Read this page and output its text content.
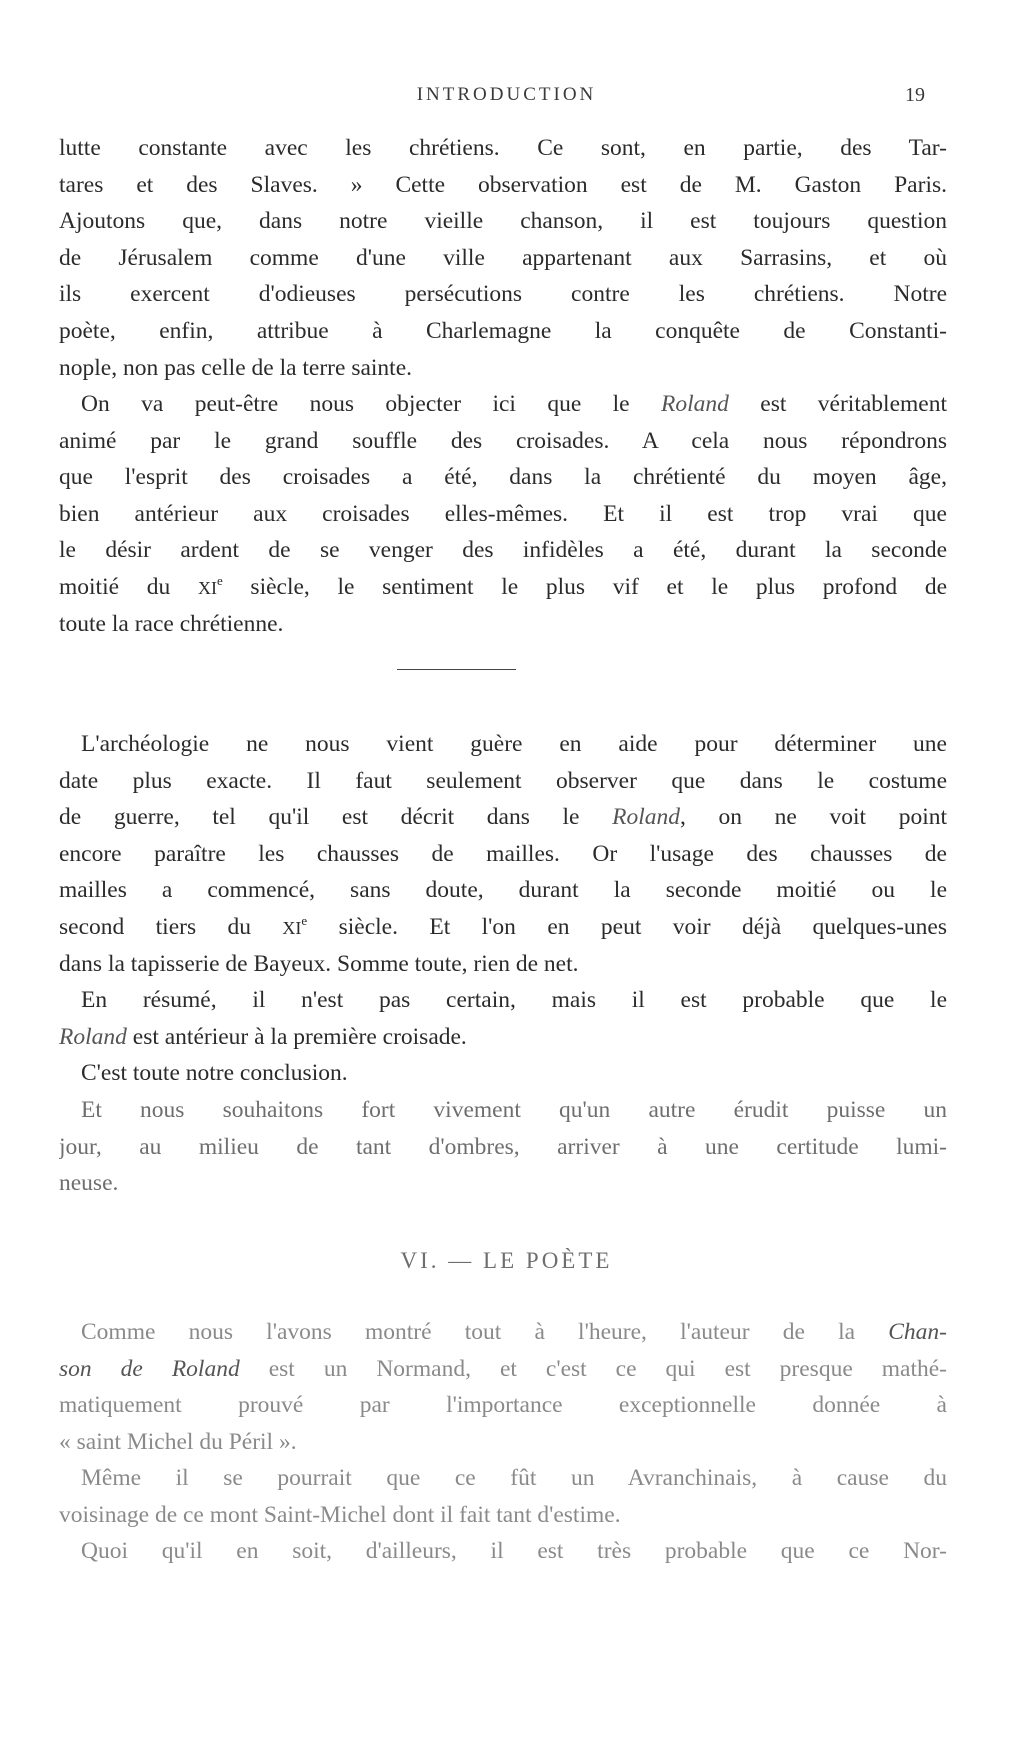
INTRODUCTION	19
lutte constante avec les chrétiens. Ce sont, en partie, des Tar-
tares et des Slaves. » Cette observation est de M. Gaston Paris.
Ajoutons que, dans notre vieille chanson, il est toujours question
de Jérusalem comme d'une ville appartenant aux Sarrasins, et où
ils exercent d'odieuses persécutions contre les chrétiens. Notre
poète, enfin, attribue à Charlemagne la conquête de Constanti-
nople, non pas celle de la terre sainte.
On va peut-être nous objecter ici que le Roland est véritablement
animé par le grand souffle des croisades. A cela nous répondrons
que l'esprit des croisades a été, dans la chrétienté du moyen âge,
bien antérieur aux croisades elles-mêmes. Et il est trop vrai que
le désir ardent de se venger des infidèles a été, durant la seconde
moitié du XIe siècle, le sentiment le plus vif et le plus profond de
toute la race chrétienne.
L'archéologie ne nous vient guère en aide pour déterminer une
date plus exacte. Il faut seulement observer que dans le costume
de guerre, tel qu'il est décrit dans le Roland, on ne voit point
encore paraître les chausses de mailles. Or l'usage des chausses de
mailles a commencé, sans doute, durant la seconde moitié ou le
second tiers du XIe siècle. Et l'on en peut voir déjà quelques-unes
dans la tapisserie de Bayeux. Somme toute, rien de net.
En résumé, il n'est pas certain, mais il est probable que le
Roland est antérieur à la première croisade.
C'est toute notre conclusion.
Et nous souhaitons fort vivement qu'un autre érudit puisse un
jour, au milieu de tant d'ombres, arriver à une certitude lumi-
neuse.
VI. — LE POÈTE
Comme nous l'avons montré tout à l'heure, l'auteur de la Chan-
son de Roland est un Normand, et c'est ce qui est presque mathé-
matiquement prouvé par l'importance exceptionnelle donnée à
« saint Michel du Péril ».
Même il se pourrait que ce fût un Avranchinais, à cause du
voisinage de ce mont Saint-Michel dont il fait tant d'estime.
Quoi qu'il en soit, d'ailleurs, il est très probable que ce Nor-
